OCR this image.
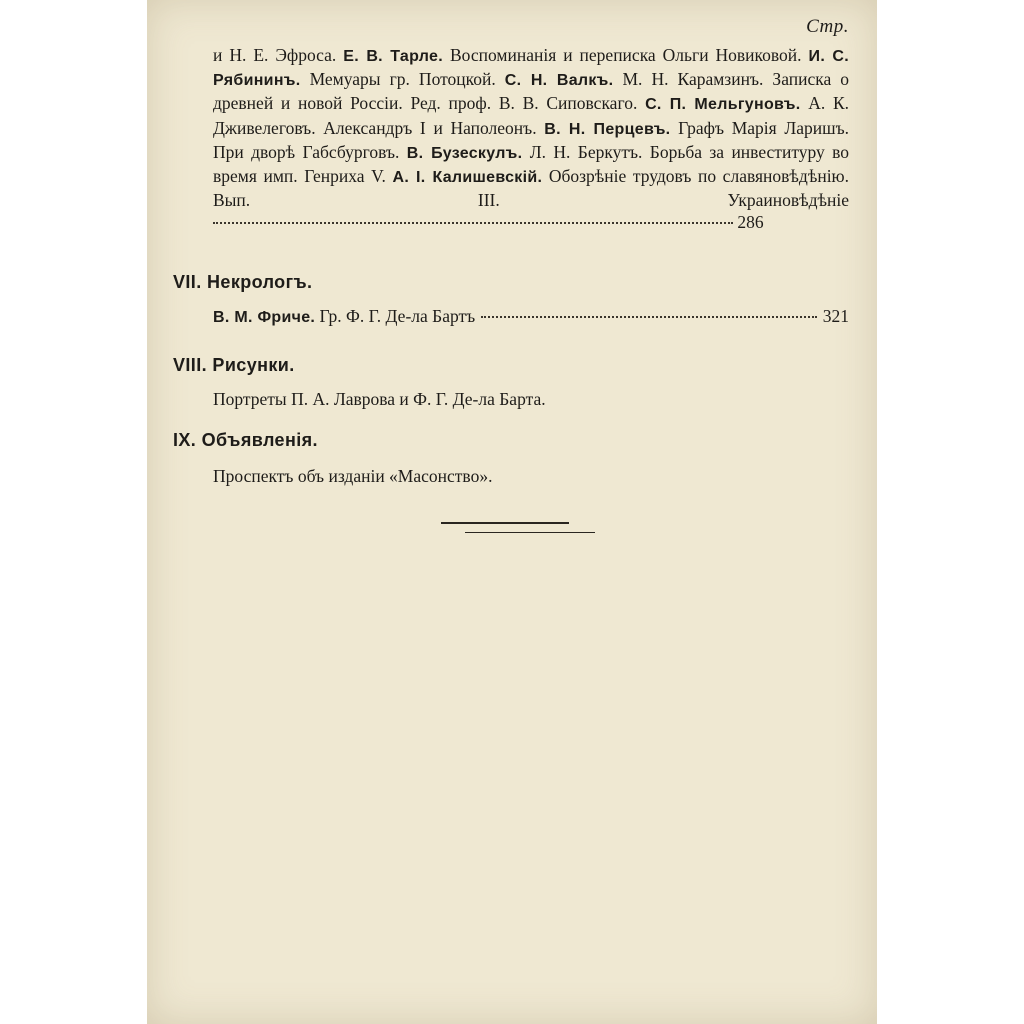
Стр.
и Н. Е. Эфроса. Е. В. Тарле. Воспоминанія и переписка Ольги Новиковой. И. С. Рябининъ. Мемуары гр. Потоцкой. С. Н. Валкъ. М. Н. Карамзинъ. Записка о древней и новой Россіи. Ред. проф. В. В. Сиповскаго. С. П. Мельгуновъ. А. К. Дживелеговъ. Александръ I и Наполеонъ. В. Н. Перцевъ. Графъ Марія Ларишъ. При дворѣ Габсбурговъ. В. Бузескулъ. Л. Н. Беркутъ. Борьба за инвеституру во время имп. Генриха V. А. I. Калишевскій. Обозрѣніе трудовъ по славяновѣдѣнію. Вып. III. Украиновѣдѣніе  286
VII. Некрологъ.
В. М. Фриче. Гр. Ф. Г. Де-ла Бартъ	321
VIII. Рисунки.
Портреты П. А. Лаврова и Ф. Г. Де-ла Барта.
IX. Объявленія.
Проспектъ объ изданіи «Масонство».
